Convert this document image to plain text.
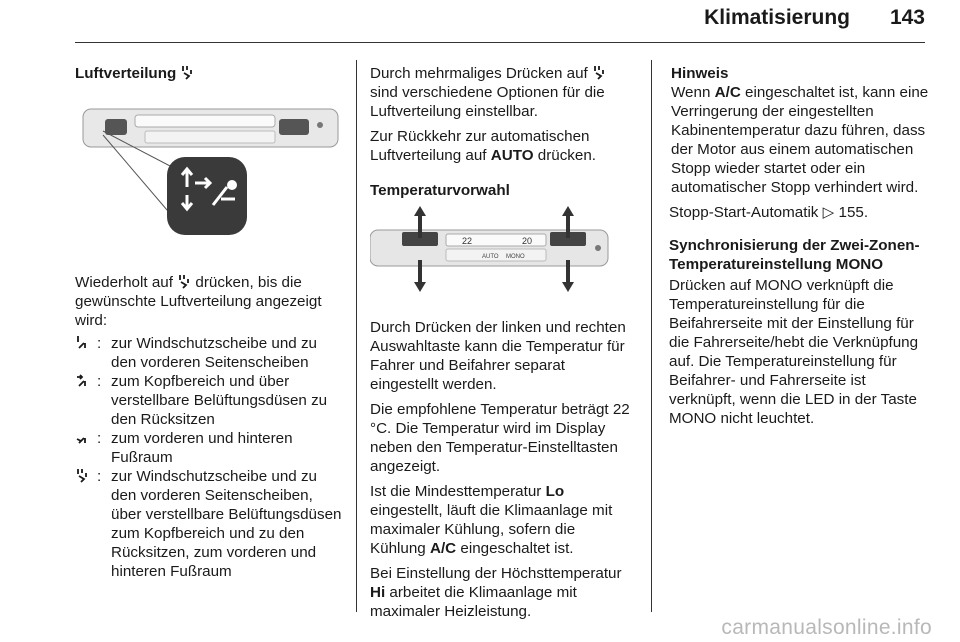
Klimatisierung 143
Luftverteilung

Wiederholt auf drücken, bis die gewünschte Luftverteilung angezeigt wird:

: zur Windschutzscheibe und zu den vorderen Seitenscheiben
: zum Kopfbereich und über verstellbare Belüftungsdüsen zu den Rücksitzen
: zum vorderen und hinteren Fußraum
: zur Windschutzscheibe und zu den vorderen Seitenscheiben, über verstellbare Belüftungsdüsen zum Kopfbereich und zu den Rücksitzen, zum vorderen und hinteren Fußraum

Durch mehrmaliges Drücken auf  sind verschiedene Optionen für die Luftverteilung einstellbar.

Zur Rückkehr zur automatischen Luftverteilung auf AUTO drücken.

Temperaturvorwahl
22	20
AUTO MONO

Durch Drücken der linken und rechten Auswahltaste kann die Temperatur für Fahrer und Beifahrer separat eingestellt werden.

Die empfohlene Temperatur beträgt 22 °C. Die Temperatur wird im Display neben den Temperatur-Einstelltasten angezeigt.

Ist die Mindesttemperatur Lo eingestellt, läuft die Klimaanlage mit maximaler Kühlung, sofern die Kühlung A/C eingeschaltet ist.

Bei Einstellung der Höchsttemperatur Hi arbeitet die Klimaanlage mit maximaler Heizleistung.

Hinweis

Wenn A/C eingeschaltet ist, kann eine Verringerung der eingestellten Kabinentemperatur dazu führen, dass der Motor aus einem automatischen Stopp wieder startet oder ein automatischer Stopp verhindert wird.

Stopp-Start-Automatik ▷ 155.

Synchronisierung der Zwei-Zonen-Temperatureinstellung MONO

Drücken auf MONO verknüpft die Temperatureinstellung für die Beifahrerseite mit der Einstellung für die Fahrerseite/hebt die Verknüpfung auf. Die Temperatureinstellung für Beifahrer- und Fahrerseite ist verknüpft, wenn die LED in der Taste MONO nicht leuchtet.

carmanualsonline.info
